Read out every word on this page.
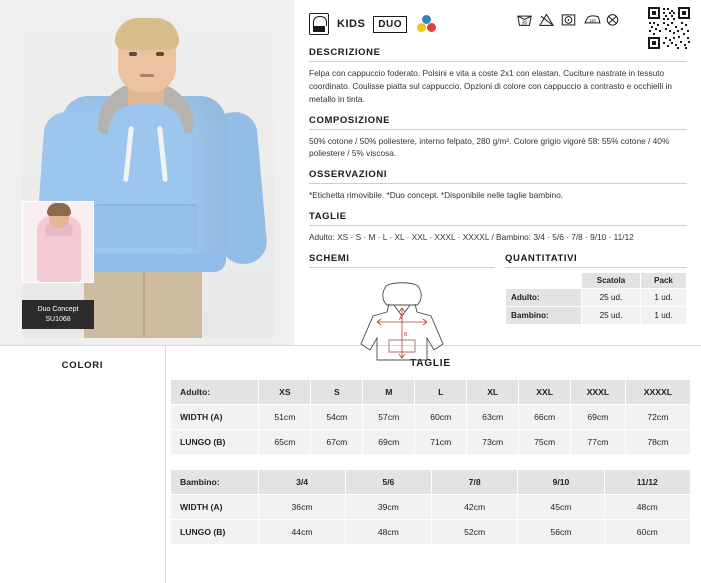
Duo Concept
SU1068
KIDS	DUO	30	110
DESCRIZIONE
Felpa con cappuccio foderato. Polsini e vita a coste 2x1 con elastan. Cuciture nastrate in tessuto coordinato. Coulisse piatta sul cappuccio. Opzioni di colore con cappuccio a contrasto e occhielli in metallo in tinta.
COMPOSIZIONE
50% cotone / 50% poliestere, interno felpato, 280 g/m². Colore grigio vigoré 58: 55% cotone / 40% poliestere / 5% viscosa.
OSSERVAZIONI
*Etichetta rimovibile. *Duo concept. *Disponibile nelle taglie bambino.
TAGLIE
Adulto: XS · S · M · L · XL · XXL · XXXL · XXXXL / Bambino: 3/4 · 5/6 · 7/8 · 9/10 · 11/12
SCHEMI
A
B
QUANTITATIVI
	Scatola	Pack
Adulto:	25 ud.	1 ud.
Bambino:	25 ud.	1 ud.
COLORI	TAGLIE
Adulto:	XS	S	M	L	XL	XXL	XXXL	XXXXL
WIDTH (A)	51cm	54cm	57cm	60cm	63cm	66cm	69cm	72cm
LUNGO (B)	65cm	67cm	69cm	71cm	73cm	75cm	77cm	78cm
Bambino:	3/4	5/6	7/8	9/10	11/12
WIDTH (A)	36cm	39cm	42cm	45cm	48cm
LUNGO (B)	44cm	48cm	52cm	56cm	60cm
